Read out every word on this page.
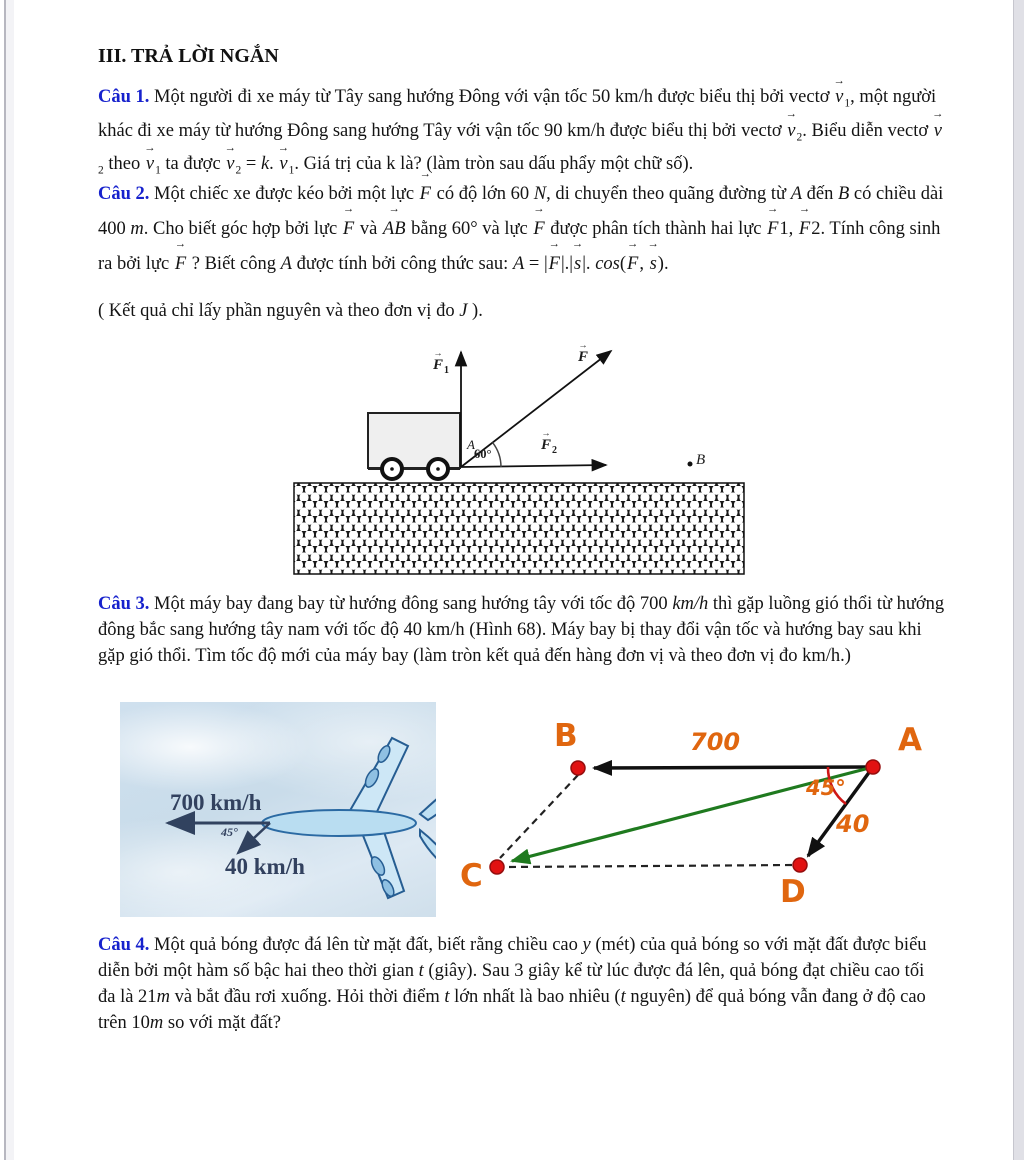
III. TRẢ LỜI NGẮN

Câu 1. Một người đi xe máy từ Tây sang hướng Đông với vận tốc 50 km/h được biểu thị bởi vectơ $v \to_1$, một người khác đi xe máy từ hướng Đông sang hướng Tây với vận tốc 90 km/h được biểu thị bởi vectơ $v \to_2$. Biểu diễn vectơ $v \to_2$ theo $v \to_1$ ta được $v \to_2 = k$. $v \to_1$. Giá trị của k là? (làm tròn sau dấu phẩy một chữ số).

Câu 2. Một chiếc xe được kéo bởi một lực F → có độ lớn 60 N, di chuyển theo quãng đường từ A đến B có chiều dài 400 m. Cho biết góc hợp bởi lực F → và AB → bằng 60° và lực F → được phân tích thành hai lực F →1, F →2. Tính công sinh ra bởi lực F → ? Biết công A được tính bởi công thức sau: A = |F →|.|s →|. cos(F →, s →).

( Kết quả chỉ lấy phần nguyên và theo đơn vị đo J ).

$F \to_1$
F →
$F \to_2$
A
60°	B

Câu 3. Một máy bay đang bay từ hướng đông sang hướng tây với tốc độ 700 km/h thì gặp luồng gió thổi từ hướng đông bắc sang hướng tây nam với tốc độ 40 km/h (Hình 68). Máy bay bị thay đổi vận tốc và hướng bay sau khi gặp gió thổi. Tìm tốc độ mới của máy bay (làm tròn kết quả đến hàng đơn vị và theo đơn vị đo km/h.)

700 km/h
45°
40 km/h
B	A
C	D
700
45°
40

Câu 4. Một quả bóng được đá lên từ mặt đất, biết rằng chiều cao y (mét) của quả bóng so với mặt đất được biểu diễn bởi một hàm số bậc hai theo thời gian t (giây). Sau 3 giây kể từ lúc được đá lên, quả bóng đạt chiều cao tối đa là 21m và bắt đầu rơi xuống. Hỏi thời điểm t lớn nhất là bao nhiêu (t nguyên) để quả bóng vẫn đang ở độ cao trên 10m so với mặt đất?
